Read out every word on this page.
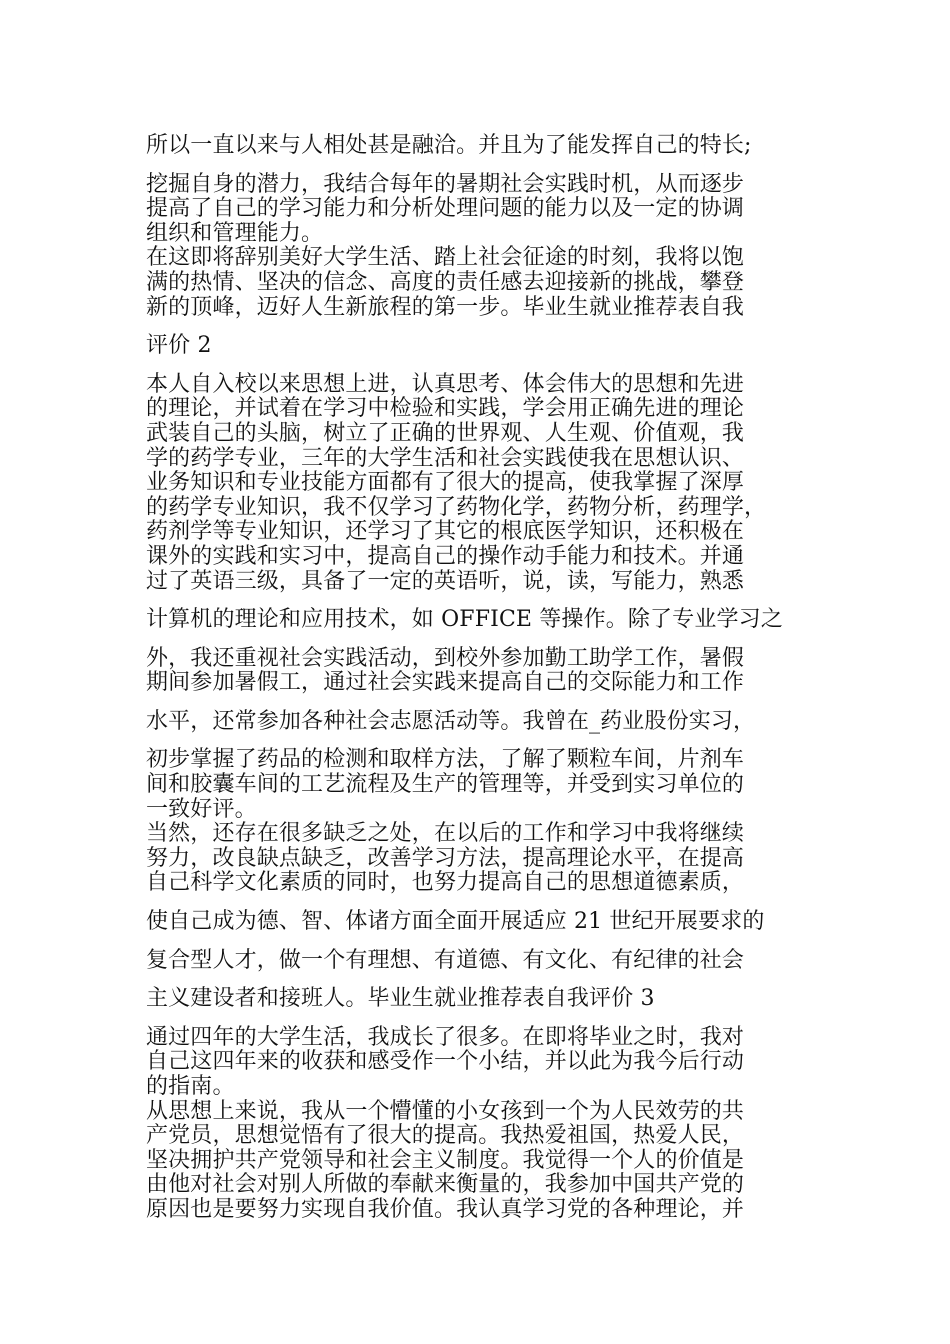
所以一直以来与人相处甚是融洽。并且为了能发挥自己的特长;
挖掘自身的潜力，我结合每年的暑期社会实践时机，从而逐步
提高了自己的学习能力和分析处理问题的能力以及一定的协调
组织和管理能力。
在这即将辞别美好大学生活、踏上社会征途的时刻，我将以饱
满的热情、坚决的信念、高度的责任感去迎接新的挑战，攀登
新的顶峰，迈好人生新旅程的第一步。毕业生就业推荐表自我
评价 2
本人自入校以来思想上进，认真思考、体会伟大的思想和先进
的理论，并试着在学习中检验和实践，学会用正确先进的理论
武装自己的头脑，树立了正确的世界观、人生观、价值观，我
学的药学专业，三年的大学生活和社会实践使我在思想认识、
业务知识和专业技能方面都有了很大的提高，使我掌握了深厚
的药学专业知识，我不仅学习了药物化学，药物分析，药理学，
药剂学等专业知识，还学习了其它的根底医学知识，还积极在
课外的实践和实习中，提高自己的操作动手能力和技术。并通
过了英语三级，具备了一定的英语听，说，读，写能力，熟悉
计算机的理论和应用技术，如 OFFICE 等操作。除了专业学习之
外，我还重视社会实践活动，到校外参加勤工助学工作，暑假
期间参加暑假工，通过社会实践来提高自己的交际能力和工作
水平，还常参加各种社会志愿活动等。我曾在_药业股份实习，
初步掌握了药品的检测和取样方法，了解了颗粒车间，片剂车
间和胶囊车间的工艺流程及生产的管理等，并受到实习单位的
一致好评。
当然，还存在很多缺乏之处，在以后的工作和学习中我将继续
努力，改良缺点缺乏，改善学习方法，提高理论水平，在提高
自己科学文化素质的同时，也努力提高自己的思想道德素质，
使自己成为德、智、体诸方面全面开展适应 21 世纪开展要求的
复合型人才，做一个有理想、有道德、有文化、有纪律的社会
主义建设者和接班人。毕业生就业推荐表自我评价 3
通过四年的大学生活，我成长了很多。在即将毕业之时，我对
自己这四年来的收获和感受作一个小结，并以此为我今后行动
的指南。
从思想上来说，我从一个懵懂的小女孩到一个为人民效劳的共
产党员，思想觉悟有了很大的提高。我热爱祖国，热爱人民，
坚决拥护共产党领导和社会主义制度。我觉得一个人的价值是
由他对社会对别人所做的奉献来衡量的，我参加中国共产党的
原因也是要努力实现自我价值。我认真学习党的各种理论，并
